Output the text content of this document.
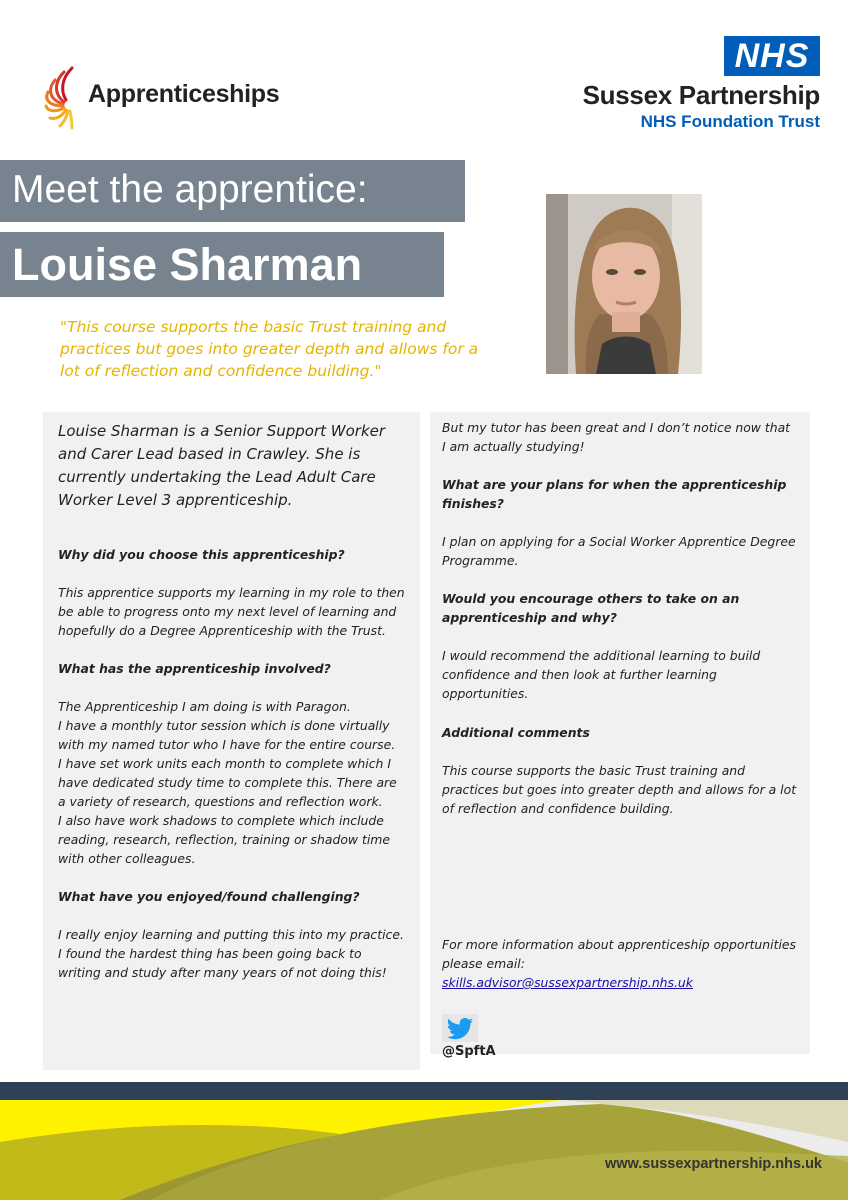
Apprenticeships
NHS
Sussex Partnership
NHS Foundation Trust
Meet the apprentice:
Louise Sharman
"This course supports the basic Trust training and practices but goes into greater depth and allows for a lot of reflection and confidence building."

Louise Sharman is a Senior Support Worker and Carer Lead based in Crawley. She is currently undertaking the Lead Adult Care Worker Level 3 apprenticeship.

Why did you choose this apprenticeship?

This apprentice supports my learning in my role to then be able to progress onto my next level of learning and hopefully do a Degree Apprenticeship with the Trust.

What has the apprenticeship involved?

The Apprenticeship I am doing is with Paragon.

I have a monthly tutor session which is done virtually with my named tutor who I have for the entire course.

I have set work units each month to complete which I have dedicated study time to complete this. There are a variety of research, questions and reflection work.

I also have work shadows to complete which include reading, research, reflection, training or shadow time with other colleagues.

What have you enjoyed/found challenging?

I really enjoy learning and putting this into my practice. I found the hardest thing has been going back to writing and study after many years of not doing this!

But my tutor has been great and I don’t notice now that I am actually studying!

What are your plans for when the apprenticeship finishes?

I plan on applying for a Social Worker Apprentice Degree Programme.

Would you encourage others to take on an apprenticeship and why?

I would recommend the additional learning to build confidence and then look at further learning opportunities.

Additional comments

This course supports the basic Trust training and practices but goes into greater depth and allows for a lot of reflection and confidence building.

For more information about apprenticeship opportunities please email:

skills.advisor@sussexpartnership.nhs.uk

@SpftA
www.sussexpartnership.nhs.uk
